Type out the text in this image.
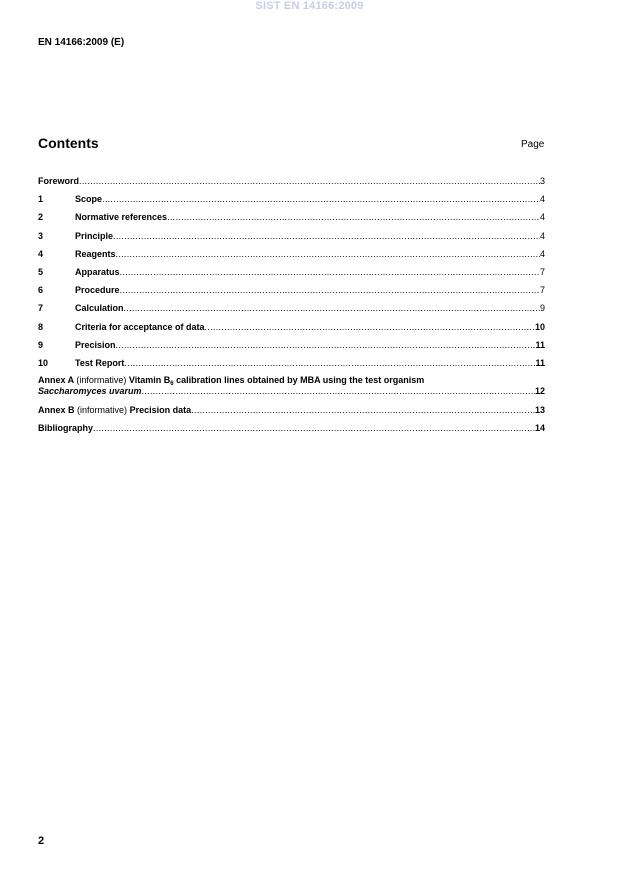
SIST EN 14166:2009
EN 14166:2009 (E)
Contents	Page
Foreword .....	3
1	Scope .....	4
2	Normative references .....	4
3	Principle .....	4
4	Reagents .....	4
5	Apparatus .....	7
6	Procedure .....	7
7	Calculation .....	9
8	Criteria for acceptance of data .....	10
9	Precision .....	11
10	Test Report .....	11
Annex A (informative) Vitamin $B_6$ calibration lines obtained by MBA using the test organism
Saccharomyces uvarum .....	12
Annex B (informative) Precision data .....	13
Bibliography .....	14
2
